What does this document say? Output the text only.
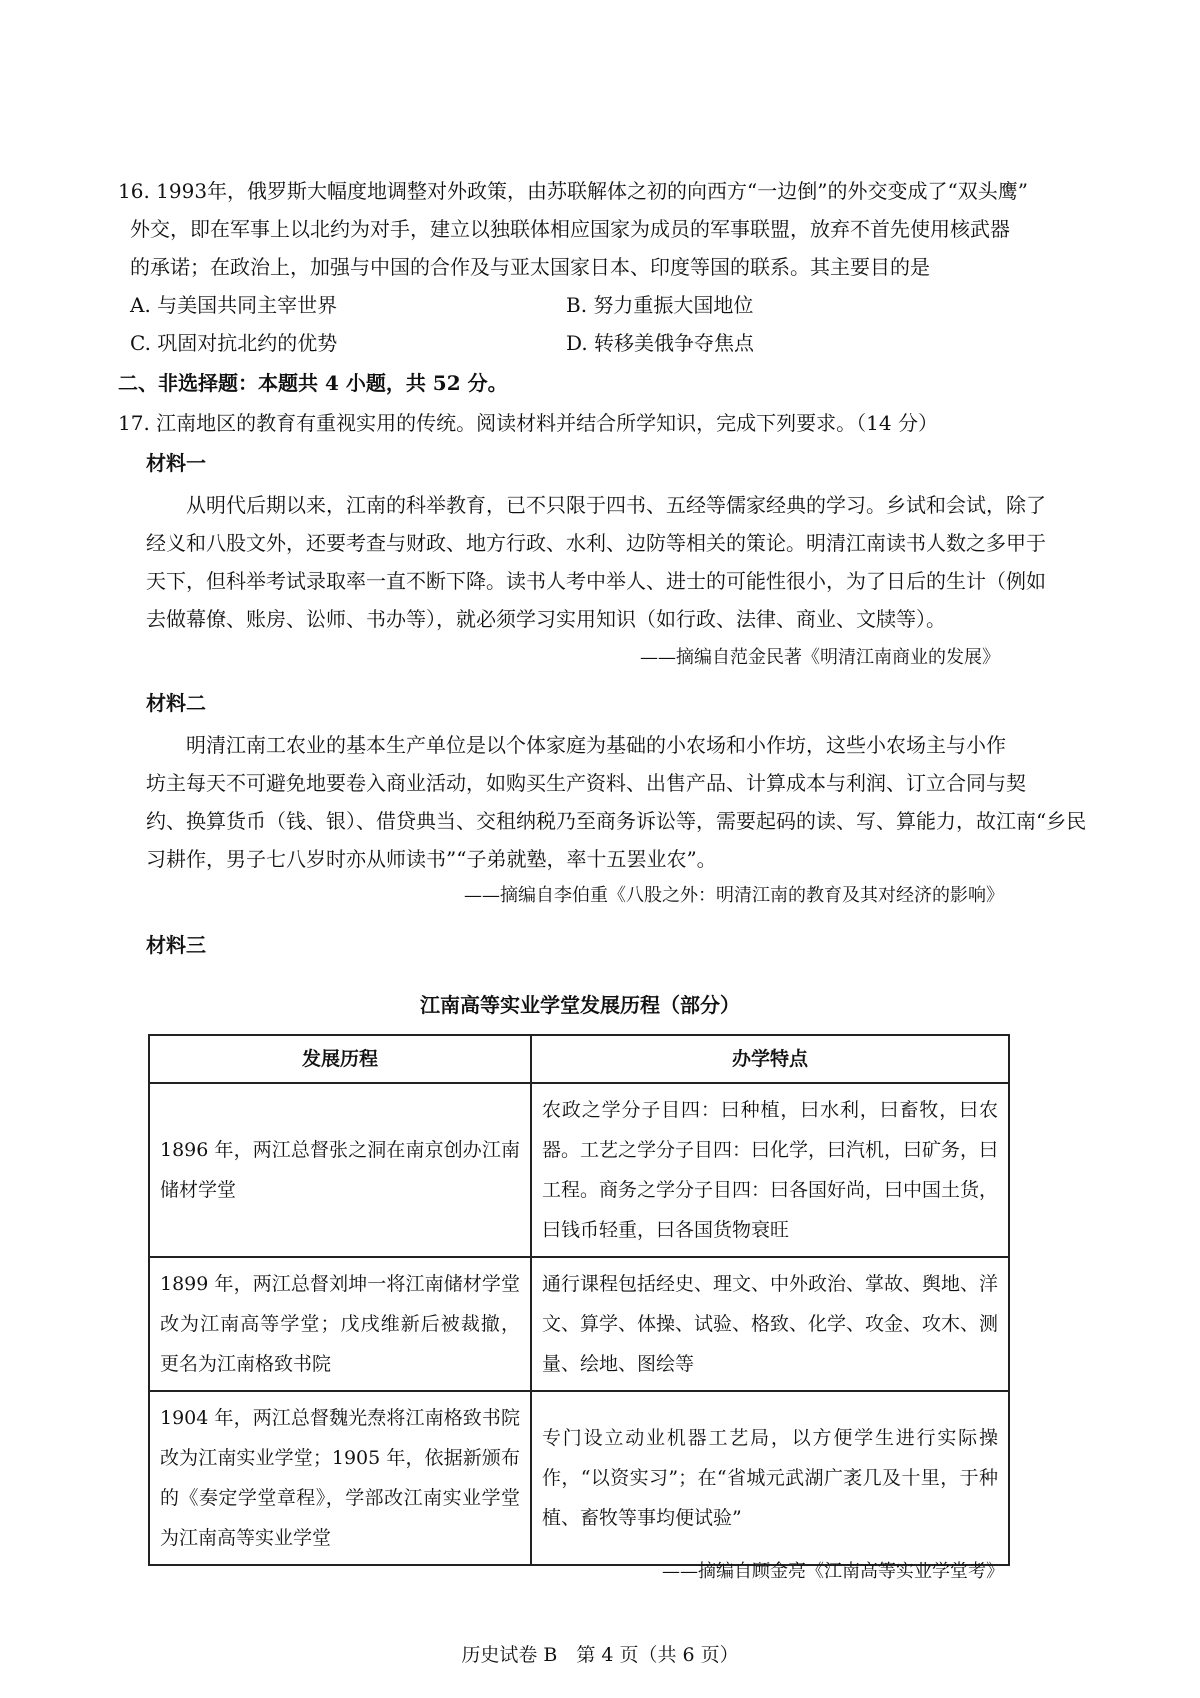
16. 1993年，俄罗斯大幅度地调整对外政策，由苏联解体之初的向西方“一边倒”的外交变成了“双头鹰”
外交，即在军事上以北约为对手，建立以独联体相应国家为成员的军事联盟，放弃不首先使用核武器
的承诺；在政治上，加强与中国的合作及与亚太国家日本、印度等国的联系。其主要目的是
A. 与美国共同主宰世界	B. 努力重振大国地位
C. 巩固对抗北约的优势	D. 转移美俄争夺焦点
二、非选择题：本题共 4 小题，共 52 分。
17. 江南地区的教育有重视实用的传统。阅读材料并结合所学知识，完成下列要求。（14 分）
材料一
从明代后期以来，江南的科举教育，已不只限于四书、五经等儒家经典的学习。乡试和会试，除了
经义和八股文外，还要考查与财政、地方行政、水利、边防等相关的策论。明清江南读书人数之多甲于
天下，但科举考试录取率一直不断下降。读书人考中举人、进士的可能性很小，为了日后的生计（例如
去做幕僚、账房、讼师、书办等），就必须学习实用知识（如行政、法律、商业、文牍等）。
——摘编自范金民著《明清江南商业的发展》
材料二
明清江南工农业的基本生产单位是以个体家庭为基础的小农场和小作坊，这些小农场主与小作
坊主每天不可避免地要卷入商业活动，如购买生产资料、出售产品、计算成本与利润、订立合同与契
约、换算货币（钱、银）、借贷典当、交租纳税乃至商务诉讼等，需要起码的读、写、算能力，故江南“乡民
习耕作，男子七八岁时亦从师读书”“子弟就塾，率十五罢业农”。
——摘编自李伯重《八股之外：明清江南的教育及其对经济的影响》
材料三
江南高等实业学堂发展历程（部分）
发展历程	办学特点
1896 年，两江总督张之洞在南京创办江南储材学堂	农政之学分子目四：曰种植，曰水利，曰畜牧，曰农器。工艺之学分子目四：曰化学，曰汽机，曰矿务，曰工程。商务之学分子目四：曰各国好尚，曰中国土货，曰钱币轻重，曰各国货物衰旺
1899 年，两江总督刘坤一将江南储材学堂改为江南高等学堂；戊戌维新后被裁撤，更名为江南格致书院	通行课程包括经史、理文、中外政治、掌故、舆地、洋文、算学、体操、试验、格致、化学、攻金、攻木、测量、绘地、图绘等
1904 年，两江总督魏光焘将江南格致书院改为江南实业学堂；1905 年，依据新颁布的《奏定学堂章程》，学部改江南实业学堂为江南高等实业学堂	专门设立动业机器工艺局，以方便学生进行实际操作，“以资实习”；在“省城元武湖广袤几及十里，于种植、畜牧等事均便试验”
——摘编自顾金亮《江南高等实业学堂考》
历史试卷 B　第 4 页（共 6 页）
